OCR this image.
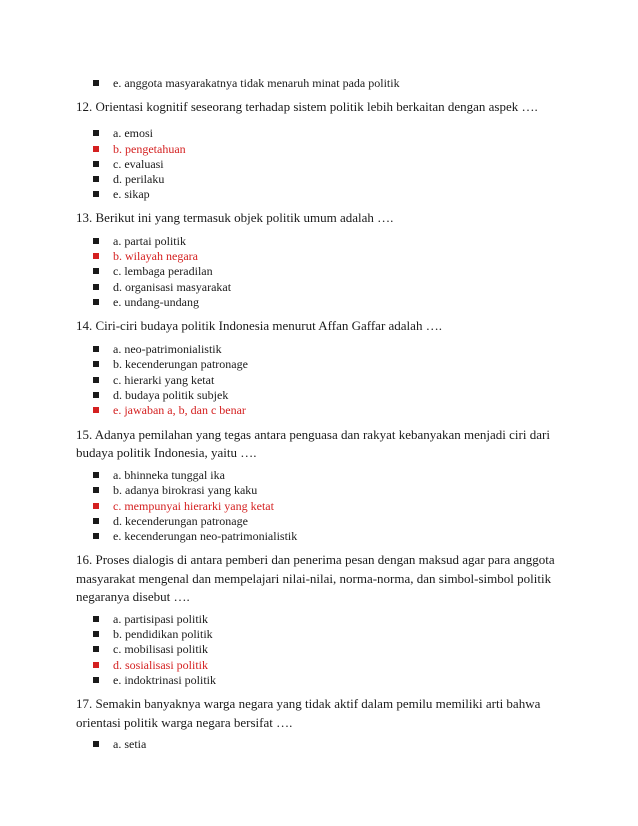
e. anggota masyarakatnya tidak menaruh minat pada politik
12. Orientasi kognitif seseorang terhadap sistem politik lebih berkaitan dengan aspek ….
a. emosi
b. pengetahuan
c. evaluasi
d. perilaku
e. sikap
13. Berikut ini yang termasuk objek politik umum adalah ….
a. partai politik
b. wilayah negara
c. lembaga peradilan
d. organisasi masyarakat
e. undang-undang
14. Ciri-ciri budaya politik Indonesia menurut Affan Gaffar adalah ….
a. neo-patrimonialistik
b. kecenderungan patronage
c. hierarki yang ketat
d. budaya politik subjek
e. jawaban a, b, dan c benar
15. Adanya pemilahan yang tegas antara penguasa dan rakyat kebanyakan menjadi ciri dari
budaya politik Indonesia, yaitu ….
a. bhinneka tunggal ika
b. adanya birokrasi yang kaku
c. mempunyai hierarki yang ketat
d. kecenderungan patronage
e. kecenderungan neo-patrimonialistik
16. Proses dialogis di antara pemberi dan penerima pesan dengan maksud agar para anggota
masyarakat mengenal dan mempelajari nilai-nilai, norma-norma, dan simbol-simbol politik
negaranya disebut ….
a. partisipasi politik
b. pendidikan politik
c. mobilisasi politik
d. sosialisasi politik
e. indoktrinasi politik
17. Semakin banyaknya warga negara yang tidak aktif dalam pemilu memiliki arti bahwa
orientasi politik warga negara bersifat ….
a. setia
